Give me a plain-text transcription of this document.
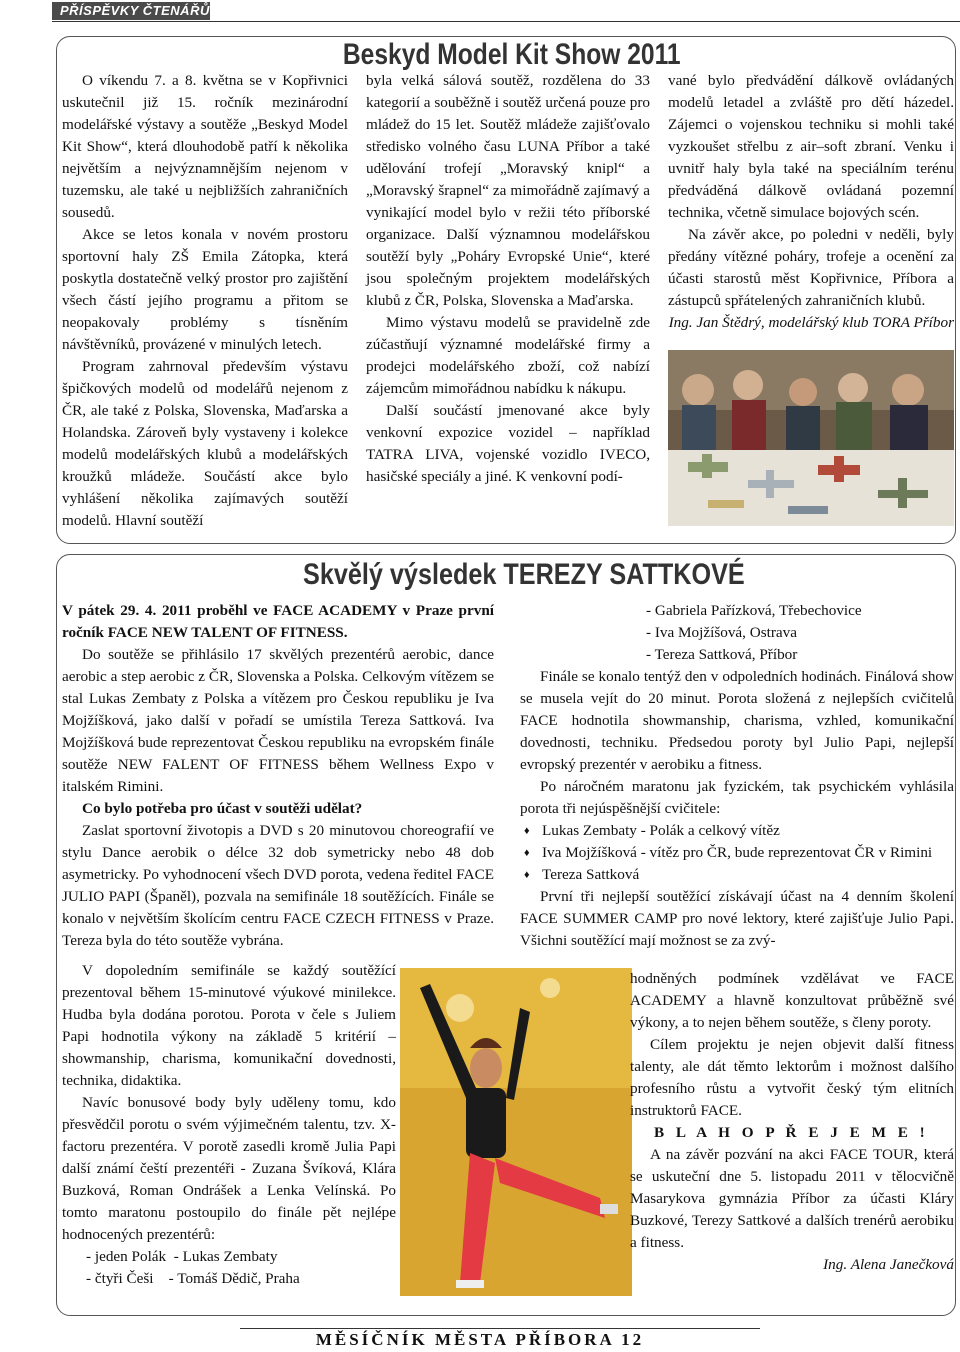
PŘÍSPĚVKY ČTENÁŘŮ
Beskyd Model Kit Show 2011

O víkendu 7. a 8. května se v Kopřivnici uskutečnil již 15. ročník mezinárodní modelářské výstavy a soutěže „Beskyd Model Kit Show“, která dlouhodobě patří k několika největším a nejvýznamnějším nejenom v tuzemsku, ale také u nejbližších zahraničních sousedů.

Akce se letos konala v novém prostoru sportovní haly ZŠ Emila Zátopka, která poskytla dostatečně velký prostor pro zajištění všech částí jejího programu a přitom se neopakovaly problémy s tísněním návštěvníků, provázené v minulých letech.

Program zahrnoval především výstavu špičkových modelů od modelářů nejenom z ČR, ale také z Polska, Slovenska, Maďarska a Holandska. Zároveň byly vystaveny i kolekce modelů modelářských klubů a modelářských kroužků mládeže. Součástí akce bylo vyhlášení několika zajímavých soutěží modelů. Hlavní soutěží

byla velká sálová soutěž, rozdělena do 33 kategorií a souběžně i soutěž určená pouze pro mládež do 15 let. Soutěž mládeže zajišťovalo středisko volného času LUNA Příbor a také udělování trofejí „Moravský knipl“ a „Moravský šrapnel“ za mimořádně zajímavý a vynikající model bylo v režii této příborské organizace. Další významnou modelářskou soutěží byly „Poháry Evropské Unie“, které jsou společným projektem modelářských klubů z ČR, Polska, Slovenska a Maďarska.

Mimo výstavu modelů se pravidelně zde zúčastňují významné modelářské firmy a prodejci modelářského zboží, což nabízí zájemcům mimořádnou nabídku k nákupu.

Další součástí jmenované akce byly venkovní expozice vozidel – například TATRA LIVA, vojenské vozidlo IVECO, hasičské speciály a jiné. K venkovní podí-

vané bylo předvádění dálkově ovládaných modelů letadel a zvláště pro dětí házedel. Zájemci o vojenskou techniku si mohli také vyzkoušet střelbu z air–soft zbraní. Venku i uvnitř haly byla také na speciálním terénu předváděná dálkově ovládaná pozemní technika, včetně simulace bojových scén.

Na závěr akce, po poledni v neděli, byly předány vítězné poháry, trofeje a ocenění za účasti starostů měst Kopřivnice, Příbora a zástupců spřátelených zahraničních klubů.

Ing. Jan Štědrý, modelářský klub TORA Příbor

Skvělý výsledek TEREZY SATTKOVÉ

V pátek 29. 4. 2011 proběhl ve FACE ACADEMY v Praze první ročník FACE NEW TALENT OF FITNESS.

Do soutěže se přihlásilo 17 skvělých prezentérů aerobic, dance aerobic a step aerobic z ČR, Slovenska a Polska. Celkovým vítězem se stal Lukas Zembaty z Polska a vítězem pro Českou republiku je Iva Mojžíšková, jako další v pořadí se umístila Tereza Sattková. Iva Mojžíšková bude reprezentovat Českou republiku na evropském finále soutěže NEW FALENT OF FITNESS během Wellness Expo v italském Rimini.

Co bylo potřeba pro účast v soutěži udělat?

Zaslat sportovní životopis a DVD s 20 minutovou choreografií ve stylu Dance aerobik o délce 32 dob symetricky nebo 48 dob asymetricky. Po vyhodnocení všech DVD porota, vedena ředitel FACE JULIO PAPI (Španěl), pozvala na semifinále 18 soutěžících. Finále se konalo v největším školícím centru FACE CZECH FITNESS v Praze. Tereza byla do této soutěže vybrána.

V dopoledním semifinále se každý soutěžící prezentoval během 15-minutové výukové minilekce. Hudba byla dodána porotou. Porota v čele s Juliem Papi hodnotila výkony na základě 5 kritérií – showmanship, charisma, komunikační dovednosti, technika, didaktika.

Navíc bonusové body byly uděleny tomu, kdo přesvědčil porotu o svém výjimečném talentu, tzv. X-factoru prezentéra. V porotě zasedli kromě Julia Papi další známí čeští prezentéři - Zuzana Švíková, Klára Buzková, Roman Ondrášek a Lenka Velínská. Po tomto maratonu postoupilo do finále pět nejlépe hodnocených prezentérů:

- jeden Polák  - Lukas Zembaty

- čtyři Češi    - Tomáš Dědič, Praha

- Gabriela Pařízková, Třebechovice

- Iva Mojžíšová, Ostrava

- Tereza Sattková, Příbor

Finále se konalo tentýž den v odpoledních hodinách. Finálová show se musela vejít do 20 minut. Porota složená z nejlepších cvičitelů FACE hodnotila showmanship, charisma, vzhled, komunikační dovednosti, techniku. Předsedou poroty byl Julio Papi, nejlepší evropský prezentér v aerobiku a fitness.

Po náročném maratonu jak fyzickém, tak psychickém vyhlásila porota tři nejúspěšnější cvičitele:

♦ Lukas Zembaty - Polák a celkový vítěz
♦ Iva Mojžíšková - vítěz pro ČR, bude reprezentovat ČR v Rimini
♦ Tereza Sattková

První tři nejlepší soutěžící získávají účast na 4 denním školení FACE SUMMER CAMP pro nové lektory, které zajišťuje Julio Papi. Všichni soutěžící mají možnost se za zvý-

hodněných podmínek vzdělávat ve FACE ACADEMY a hlavně konzultovat průběžně své výkony, a to nejen během soutěže, s členy poroty.

Cílem projektu je nejen objevit další fitness talenty, ale dát těmto lektorům i možnost dalšího profesního růstu a vytvořit český tým elitních instruktorů FACE.

B L A H O P Ř E J E M E !

A na závěr pozvání na akci FACE TOUR, která se uskuteční dne 5. listopadu 2011 v tělocvičně Masarykova gymnázia Příbor za účasti Kláry Buzkové, Terezy Sattkové a dalších trenérů aerobiku a fitness.

Ing. Alena Janečková

MĚSÍČNÍK MĚSTA PŘÍBORA 12
